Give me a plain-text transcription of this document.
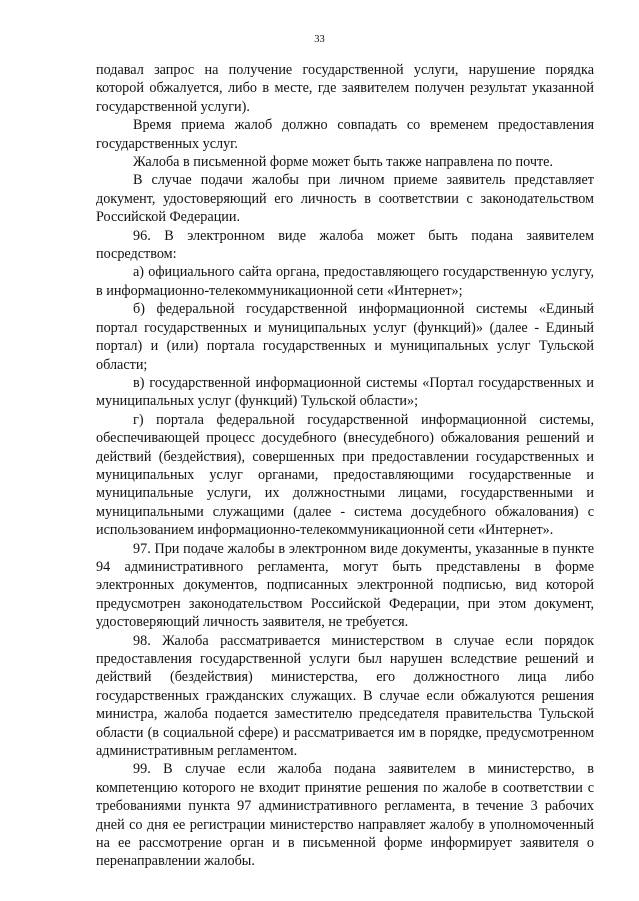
33

подавал запрос на получение государственной услуги, нарушение порядка которой обжалуется, либо в месте, где заявителем получен результат указанной государственной услуги).

Время приема жалоб должно совпадать со временем предоставления государственных услуг.

Жалоба в письменной форме может быть также направлена по почте.

В случае подачи жалобы при личном приеме заявитель представляет документ, удостоверяющий его личность в соответствии с законодательством Российской Федерации.

96. В электронном виде жалоба может быть подана заявителем посредством:

а) официального сайта органа, предоставляющего государственную услугу, в информационно-телекоммуникационной сети «Интернет»;

б) федеральной государственной информационной системы «Единый портал государственных и муниципальных услуг (функций)» (далее - Единый портал) и (или) портала государственных и муниципальных услуг Тульской области;

в) государственной информационной системы «Портал государственных и муниципальных услуг (функций) Тульской области»;

г) портала федеральной государственной информационной системы, обеспечивающей процесс досудебного (внесудебного) обжалования решений и действий (бездействия), совершенных при предоставлении государственных и муниципальных услуг органами, предоставляющими государственные и муниципальные услуги, их должностными лицами, государственными и муниципальными служащими (далее - система досудебного обжалования) с использованием информационно-телекоммуникационной сети «Интернет».

97. При подаче жалобы в электронном виде документы, указанные в пункте 94 административного регламента, могут быть представлены в форме электронных документов, подписанных электронной подписью, вид которой предусмотрен законодательством Российской Федерации, при этом документ, удостоверяющий личность заявителя, не требуется.

98. Жалоба рассматривается министерством в случае если порядок предоставления государственной услуги был нарушен вследствие решений и действий (бездействия) министерства, его должностного лица либо государственных гражданских служащих. В случае если обжалуются решения министра, жалоба подается заместителю председателя правительства Тульской области (в социальной сфере) и рассматривается им в порядке, предусмотренном административным регламентом.

99. В случае если жалоба подана заявителем в министерство, в компетенцию которого не входит принятие решения по жалобе в соответствии с требованиями пункта 97 административного регламента, в течение 3 рабочих дней со дня ее регистрации министерство направляет жалобу в уполномоченный на ее рассмотрение орган и в письменной форме информирует заявителя о перенаправлении жалобы.
